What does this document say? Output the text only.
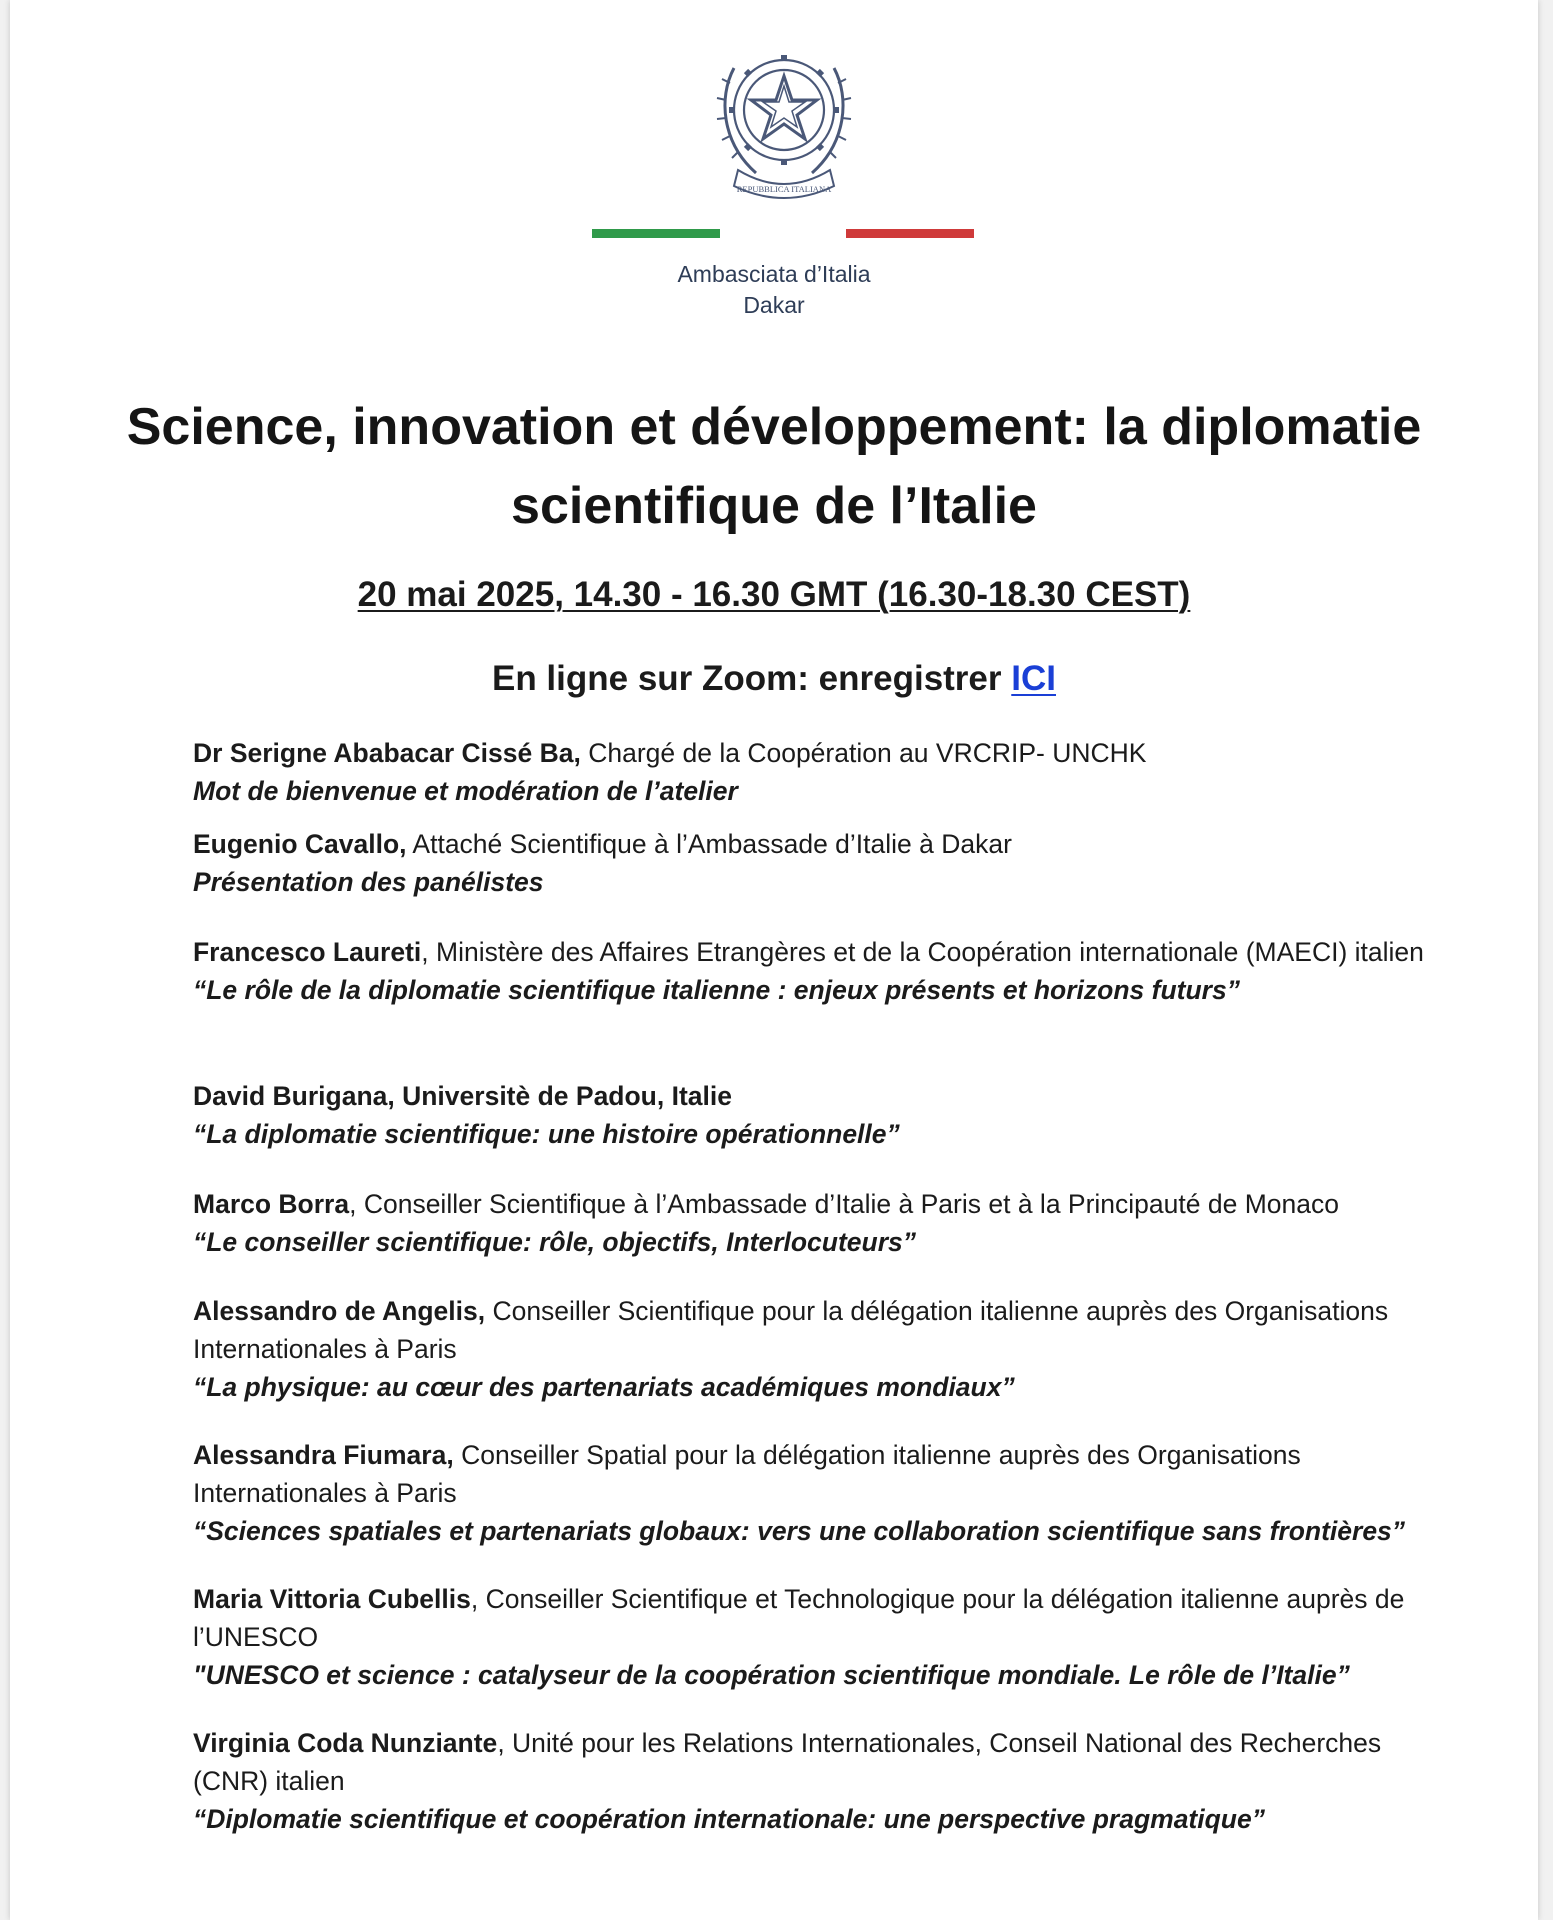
REPUBBLICA ITALIANA
Ambasciata d’Italia
Dakar
Science, innovation et développement: la diplomatie scientifique de l’Italie
20 mai 2025, 14.30 - 16.30 GMT (16.30-18.30 CEST)
En ligne sur Zoom: enregistrer ICI
Dr Serigne Ababacar Cissé Ba, Chargé de la Coopération au VRCRIP- UNCHK
Mot de bienvenue et modération de l’atelier
Eugenio Cavallo, Attaché Scientifique à l’Ambassade d’Italie à Dakar
Présentation des panélistes
Francesco Laureti, Ministère des Affaires Etrangères et de la Coopération internationale (MAECI) italien
“Le rôle de la diplomatie scientifique italienne : enjeux présents et horizons futurs”
David Burigana, Universitè de Padou, Italie
“La diplomatie scientifique: une histoire opérationnelle”
Marco Borra, Conseiller Scientifique à l’Ambassade d’Italie à Paris et à la Principauté de Monaco
“Le conseiller scientifique: rôle, objectifs, Interlocuteurs”
Alessandro de Angelis, Conseiller Scientifique pour la délégation italienne auprès des Organisations Internationales à Paris
“La physique: au cœur des partenariats académiques mondiaux”
Alessandra Fiumara, Conseiller Spatial pour la délégation italienne auprès des Organisations Internationales à Paris
“Sciences spatiales et partenariats globaux: vers une collaboration scientifique sans frontières”
Maria Vittoria Cubellis, Conseiller Scientifique et Technologique pour la délégation italienne auprès de l’UNESCO
"UNESCO et science : catalyseur de la coopération scientifique mondiale. Le rôle de l’Italie”
Virginia Coda Nunziante, Unité pour les Relations Internationales, Conseil National des Recherches (CNR) italien
“Diplomatie scientifique et coopération internationale: une perspective pragmatique”
